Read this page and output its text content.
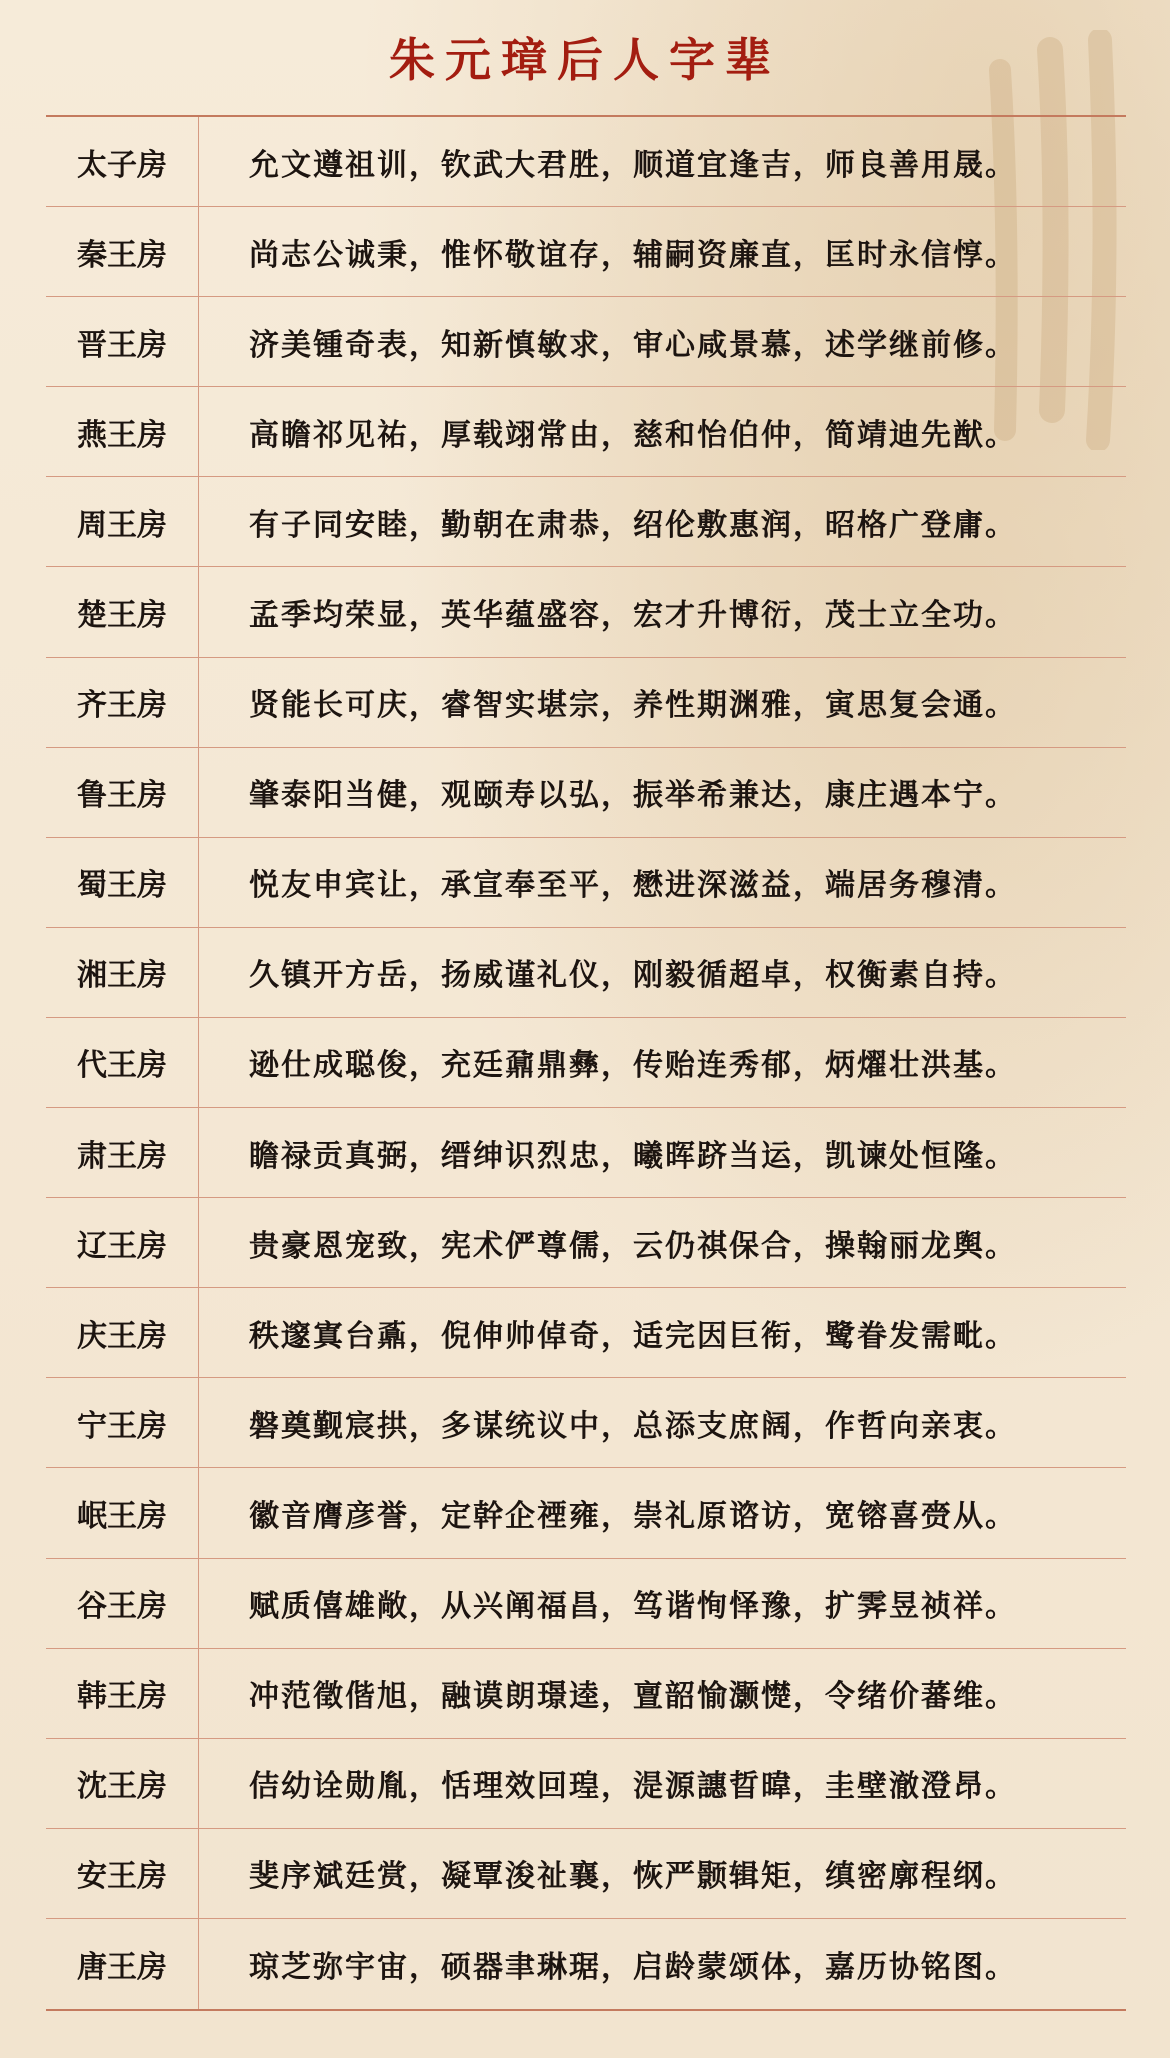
朱元璋后人字辈
太子房	允文遵祖训，钦武大君胜，顺道宜逢吉，师良善用晟。
秦王房	尚志公诚秉，惟怀敬谊存，辅嗣资廉直，匡时永信惇。
晋王房	济美锺奇表，知新慎敏求，审心咸景慕，述学继前修。
燕王房	高瞻祁见祐，厚载翊常由，慈和怡伯仲，简靖迪先猷。
周王房	有子同安睦，勤朝在肃恭，绍伦敷惠润，昭格广登庸。
楚王房	孟季均荣显，英华蕴盛容，宏才升博衍，茂士立全功。
齐王房	贤能长可庆，睿智实堪宗，养性期渊雅，寅思复会通。
鲁王房	肇泰阳当健，观颐寿以弘，振举希兼达，康庄遇本宁。
蜀王房	悦友申宾让，承宣奉至平，懋进深滋益，端居务穆清。
湘王房	久镇开方岳，扬威谨礼仪，刚毅循超卓，权衡素自持。
代王房	逊仕成聪俊，充廷鼐鼎彝，传贻连秀郁，炳燿壮洪基。
肃王房	瞻禄贡真弼，缙绅识烈忠，曦晖跻当运，凯谏处恒隆。
辽王房	贵豪恩宠致，宪术俨尊儒，云仍祺保合，操翰丽龙舆。
庆王房	秩邃寘台鼒，倪伸帅倬奇，适完因巨衔，鹭眷发需毗。
宁王房	磐奠觐宸拱，多谋统议中，总添支庶阔，作哲向亲衷。
岷王房	徽音膺彦誉，定幹企禋雍，崇礼原谘访，宽镕喜赍从。
谷王房	赋质僖雄敞，从兴阐福昌，笃谐恂怿豫，扩霁昱祯祥。
韩王房	冲范徵偕旭，融谟朗璟逵，亶韶愉灏憷，令绪价蕃维。
沈王房	佶幼诠勋胤，恬理效回瑝，湜源譓晢暐，圭壁澈澄昂。
安王房	斐序斌廷赏，凝覃浚祉襄，恢严颢辑矩，缜密廓程纲。
唐王房	琼芝弥宇宙，硕器聿琳琚，启龄蒙颂体，嘉历协铭图。
